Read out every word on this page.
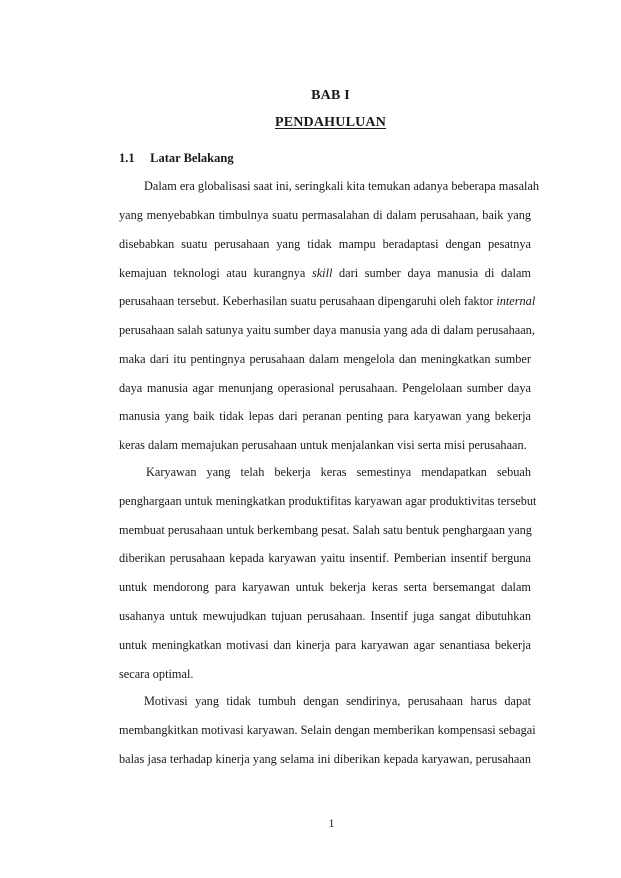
BAB I
PENDAHULUAN
1.1 Latar Belakang
Dalam era globalisasi saat ini, seringkali kita temukan adanya beberapa masalah
yang menyebabkan timbulnya suatu permasalahan di dalam perusahaan, baik yang
disebabkan suatu perusahaan yang tidak mampu beradaptasi dengan pesatnya
kemajuan teknologi atau kurangnya skill dari sumber daya manusia di dalam
perusahaan tersebut. Keberhasilan suatu perusahaan dipengaruhi oleh faktor internal
perusahaan salah satunya yaitu sumber daya manusia yang ada di dalam perusahaan,
maka dari itu pentingnya perusahaan dalam mengelola dan meningkatkan sumber
daya manusia agar menunjang operasional perusahaan. Pengelolaan sumber daya
manusia yang baik tidak lepas dari peranan penting para karyawan yang bekerja
keras dalam memajukan perusahaan untuk menjalankan visi serta misi perusahaan.
Karyawan yang telah bekerja keras semestinya mendapatkan sebuah
penghargaan untuk meningkatkan produktifitas karyawan agar produktivitas tersebut
membuat perusahaan untuk berkembang pesat. Salah satu bentuk penghargaan yang
diberikan perusahaan kepada karyawan yaitu insentif. Pemberian insentif berguna
untuk mendorong para karyawan untuk bekerja keras serta bersemangat dalam
usahanya untuk mewujudkan tujuan perusahaan. Insentif juga sangat dibutuhkan
untuk meningkatkan motivasi dan kinerja para karyawan agar senantiasa bekerja
secara optimal.
Motivasi yang tidak tumbuh dengan sendirinya, perusahaan harus dapat
membangkitkan motivasi karyawan. Selain dengan memberikan kompensasi sebagai
balas jasa terhadap kinerja yang selama ini diberikan kepada karyawan, perusahaan
1
